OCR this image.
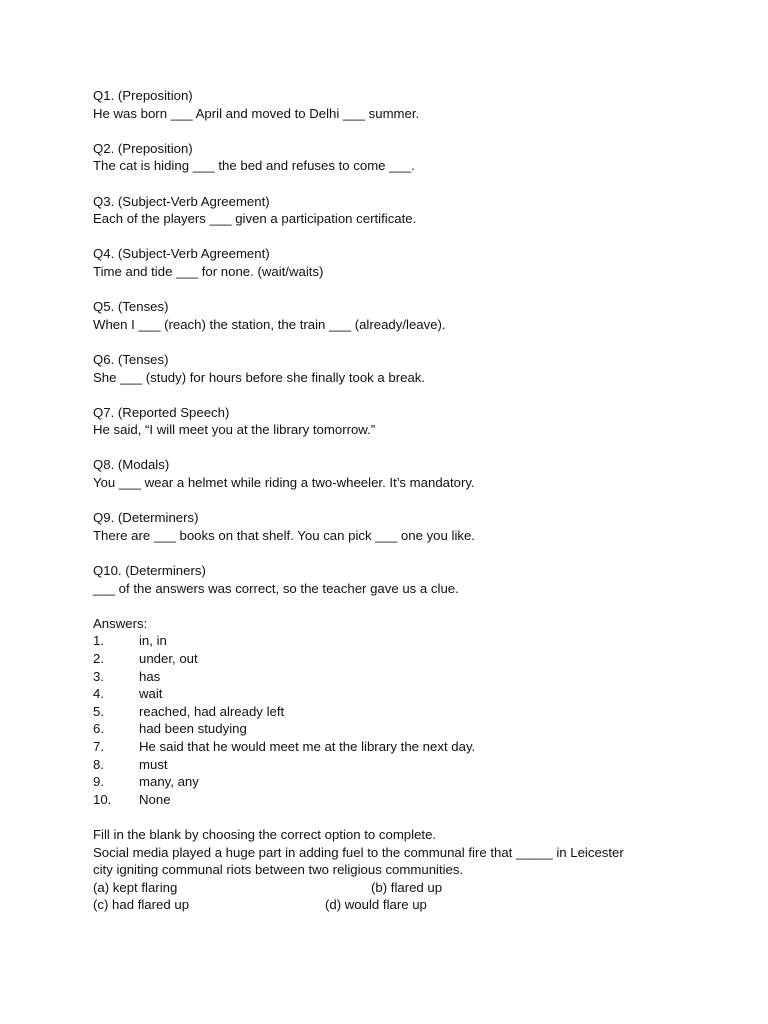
Q1. (Preposition)
He was born ___ April and moved to Delhi ___ summer.
Q2. (Preposition)
The cat is hiding ___ the bed and refuses to come ___.
Q3. (Subject-Verb Agreement)
Each of the players ___ given a participation certificate.
Q4. (Subject-Verb Agreement)
Time and tide ___ for none. (wait/waits)
Q5. (Tenses)
When I ___ (reach) the station, the train ___ (already/leave).
Q6. (Tenses)
She ___ (study) for hours before she finally took a break.
Q7. (Reported Speech)
He said, “I will meet you at the library tomorrow.”
Q8. (Modals)
You ___ wear a helmet while riding a two-wheeler. It’s mandatory.
Q9. (Determiners)
There are ___ books on that shelf. You can pick ___ one you like.
Q10. (Determiners)
___ of the answers was correct, so the teacher gave us a clue.
Answers:
1.	in, in
2.	under, out
3.	has
4.	wait
5.	reached, had already left
6.	had been studying
7.	He said that he would meet me at the library the next day.
8.	must
9.	many, any
10.	None
Fill in the blank by choosing the correct option to complete.
Social media played a huge part in adding fuel to the communal fire that _____ in Leicester
city igniting communal riots between two religious communities.
(a) kept flaring	(b) flared up
(c) had flared up	(d) would flare up
